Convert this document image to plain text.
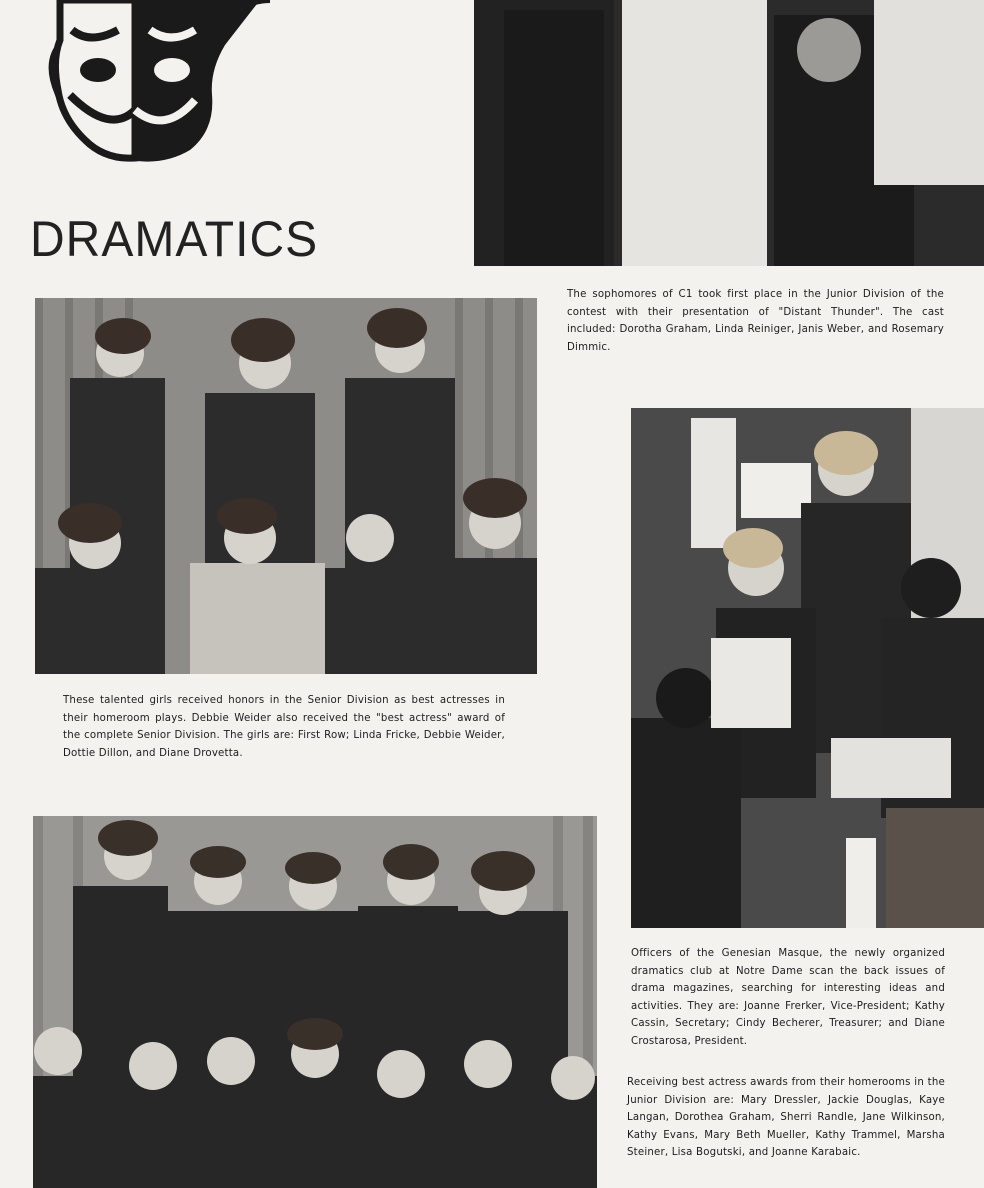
DRAMATICS

The sophomores of C1 took first place in the Junior Division of the contest with their presentation of "Distant Thunder". The cast included: Dorotha Graham, Linda Reiniger, Janis Weber, and Rosemary Dimmic.

These talented girls received honors in the Senior Division as best actresses in their homeroom plays. Debbie Weider also received the "best actress" award of the complete Senior Division. The girls are: First Row; Linda Fricke, Debbie Weider, Dottie Dillon, and Diane Drovetta.

Officers of the Genesian Masque, the newly organized dramatics club at Notre Dame scan the back issues of drama magazines, searching for interesting ideas and activities. They are: Joanne Frerker, Vice-President; Kathy Cassin, Secretary; Cindy Becherer, Treasurer; and Diane Crostarosa, President.

Receiving best actress awards from their homerooms in the Junior Division are: Mary Dressler, Jackie Douglas, Kaye Langan, Dorothea Graham, Sherri Randle, Jane Wilkinson, Kathy Evans, Mary Beth Mueller, Kathy Trammel, Marsha Steiner, Lisa Bogutski, and Joanne Karabaic.
